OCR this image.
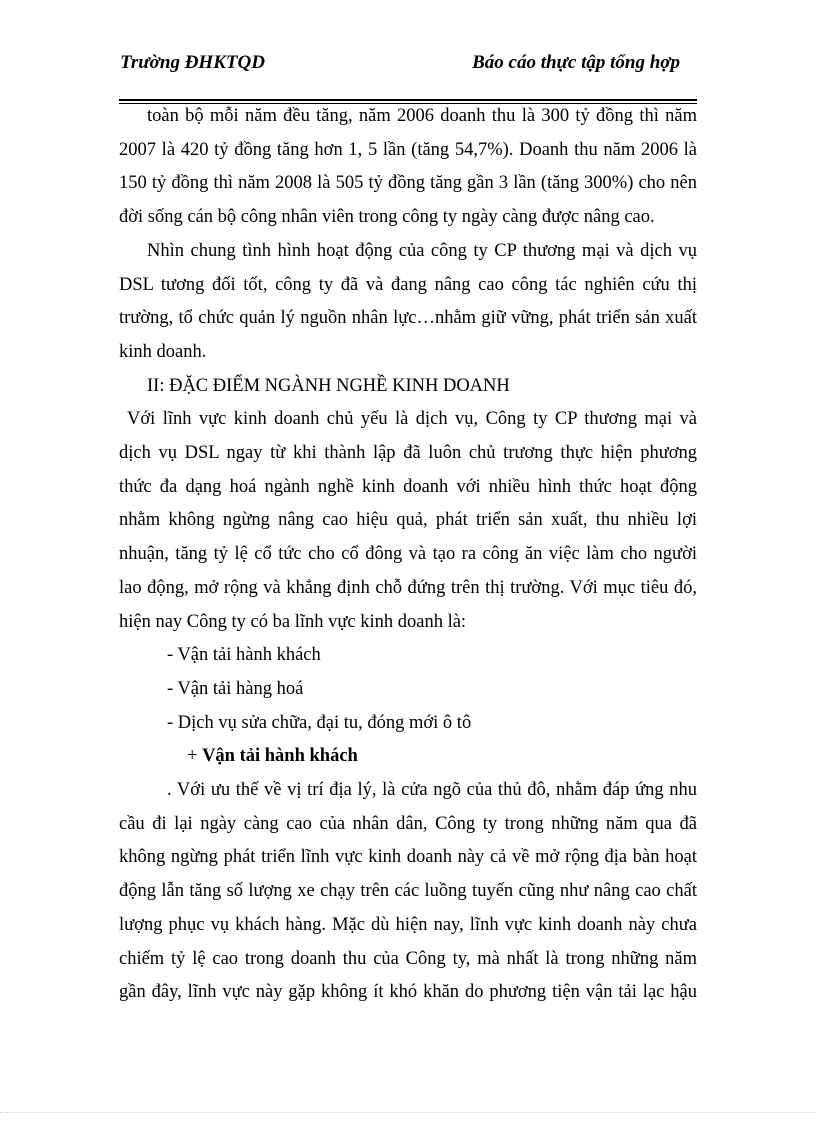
Trường ĐHKTQD	Báo cáo thực tập tổng hợp
toàn bộ mỗi năm đều tăng, năm 2006 doanh thu là 300 tỷ đồng thì năm
2007 là 420 tỷ đồng tăng hơn 1, 5 lần (tăng 54,7%). Doanh thu năm 2006 là
150 tỷ đồng thì năm 2008 là 505 tỷ đồng tăng gần 3 lần (tăng 300%) cho nên
đời sống cán bộ công nhân viên trong công ty ngày càng được nâng cao.
Nhìn chung tình hình hoạt động của công ty CP thương mại và dịch vụ
DSL tương đối tốt, công ty đã và đang nâng cao công tác nghiên cứu thị
trường, tổ chức quản lý nguồn nhân lực…nhằm giữ vững, phát triển sản xuất
kinh doanh.
II: ĐẶC ĐIỂM NGÀNH NGHỀ KINH DOANH
Với lĩnh vực kinh doanh chủ yếu là dịch vụ, Công ty CP thương mại và
dịch vụ DSL ngay từ khi thành lập đã luôn chủ trương thực hiện phương
thức đa dạng hoá ngành nghề kinh doanh với nhiều hình thức hoạt động
nhằm không ngừng nâng cao hiệu quả, phát triển sản xuất, thu nhiều lợi
nhuận, tăng tỷ lệ cổ tức cho cổ đông và tạo ra công ăn việc làm cho người
lao động, mở rộng và khẳng định chỗ đứng trên thị trường. Với mục tiêu đó,
hiện nay Công ty có ba lĩnh vực kinh doanh là:
- Vận tải hành khách
- Vận tải hàng hoá
- Dịch vụ sửa chữa, đại tu, đóng mới ô tô
+ Vận tải hành khách
. Với ưu thế về vị trí địa lý, là cửa ngõ của thủ đô, nhằm đáp ứng nhu
cầu đi lại ngày càng cao của nhân dân, Công ty trong những năm qua đã
không ngừng phát triển lĩnh vực kinh doanh này cả về mở rộng địa bàn hoạt
động lẫn tăng số lượng xe chạy trên các luồng tuyến cũng như nâng cao chất
lượng phục vụ khách hàng. Mặc dù hiện nay, lĩnh vực kinh doanh này chưa
chiếm tỷ lệ cao trong doanh thu của Công ty, mà nhất là trong những năm
gần đây, lĩnh vực này gặp không ít khó khăn do phương tiện vận tải lạc hậu
